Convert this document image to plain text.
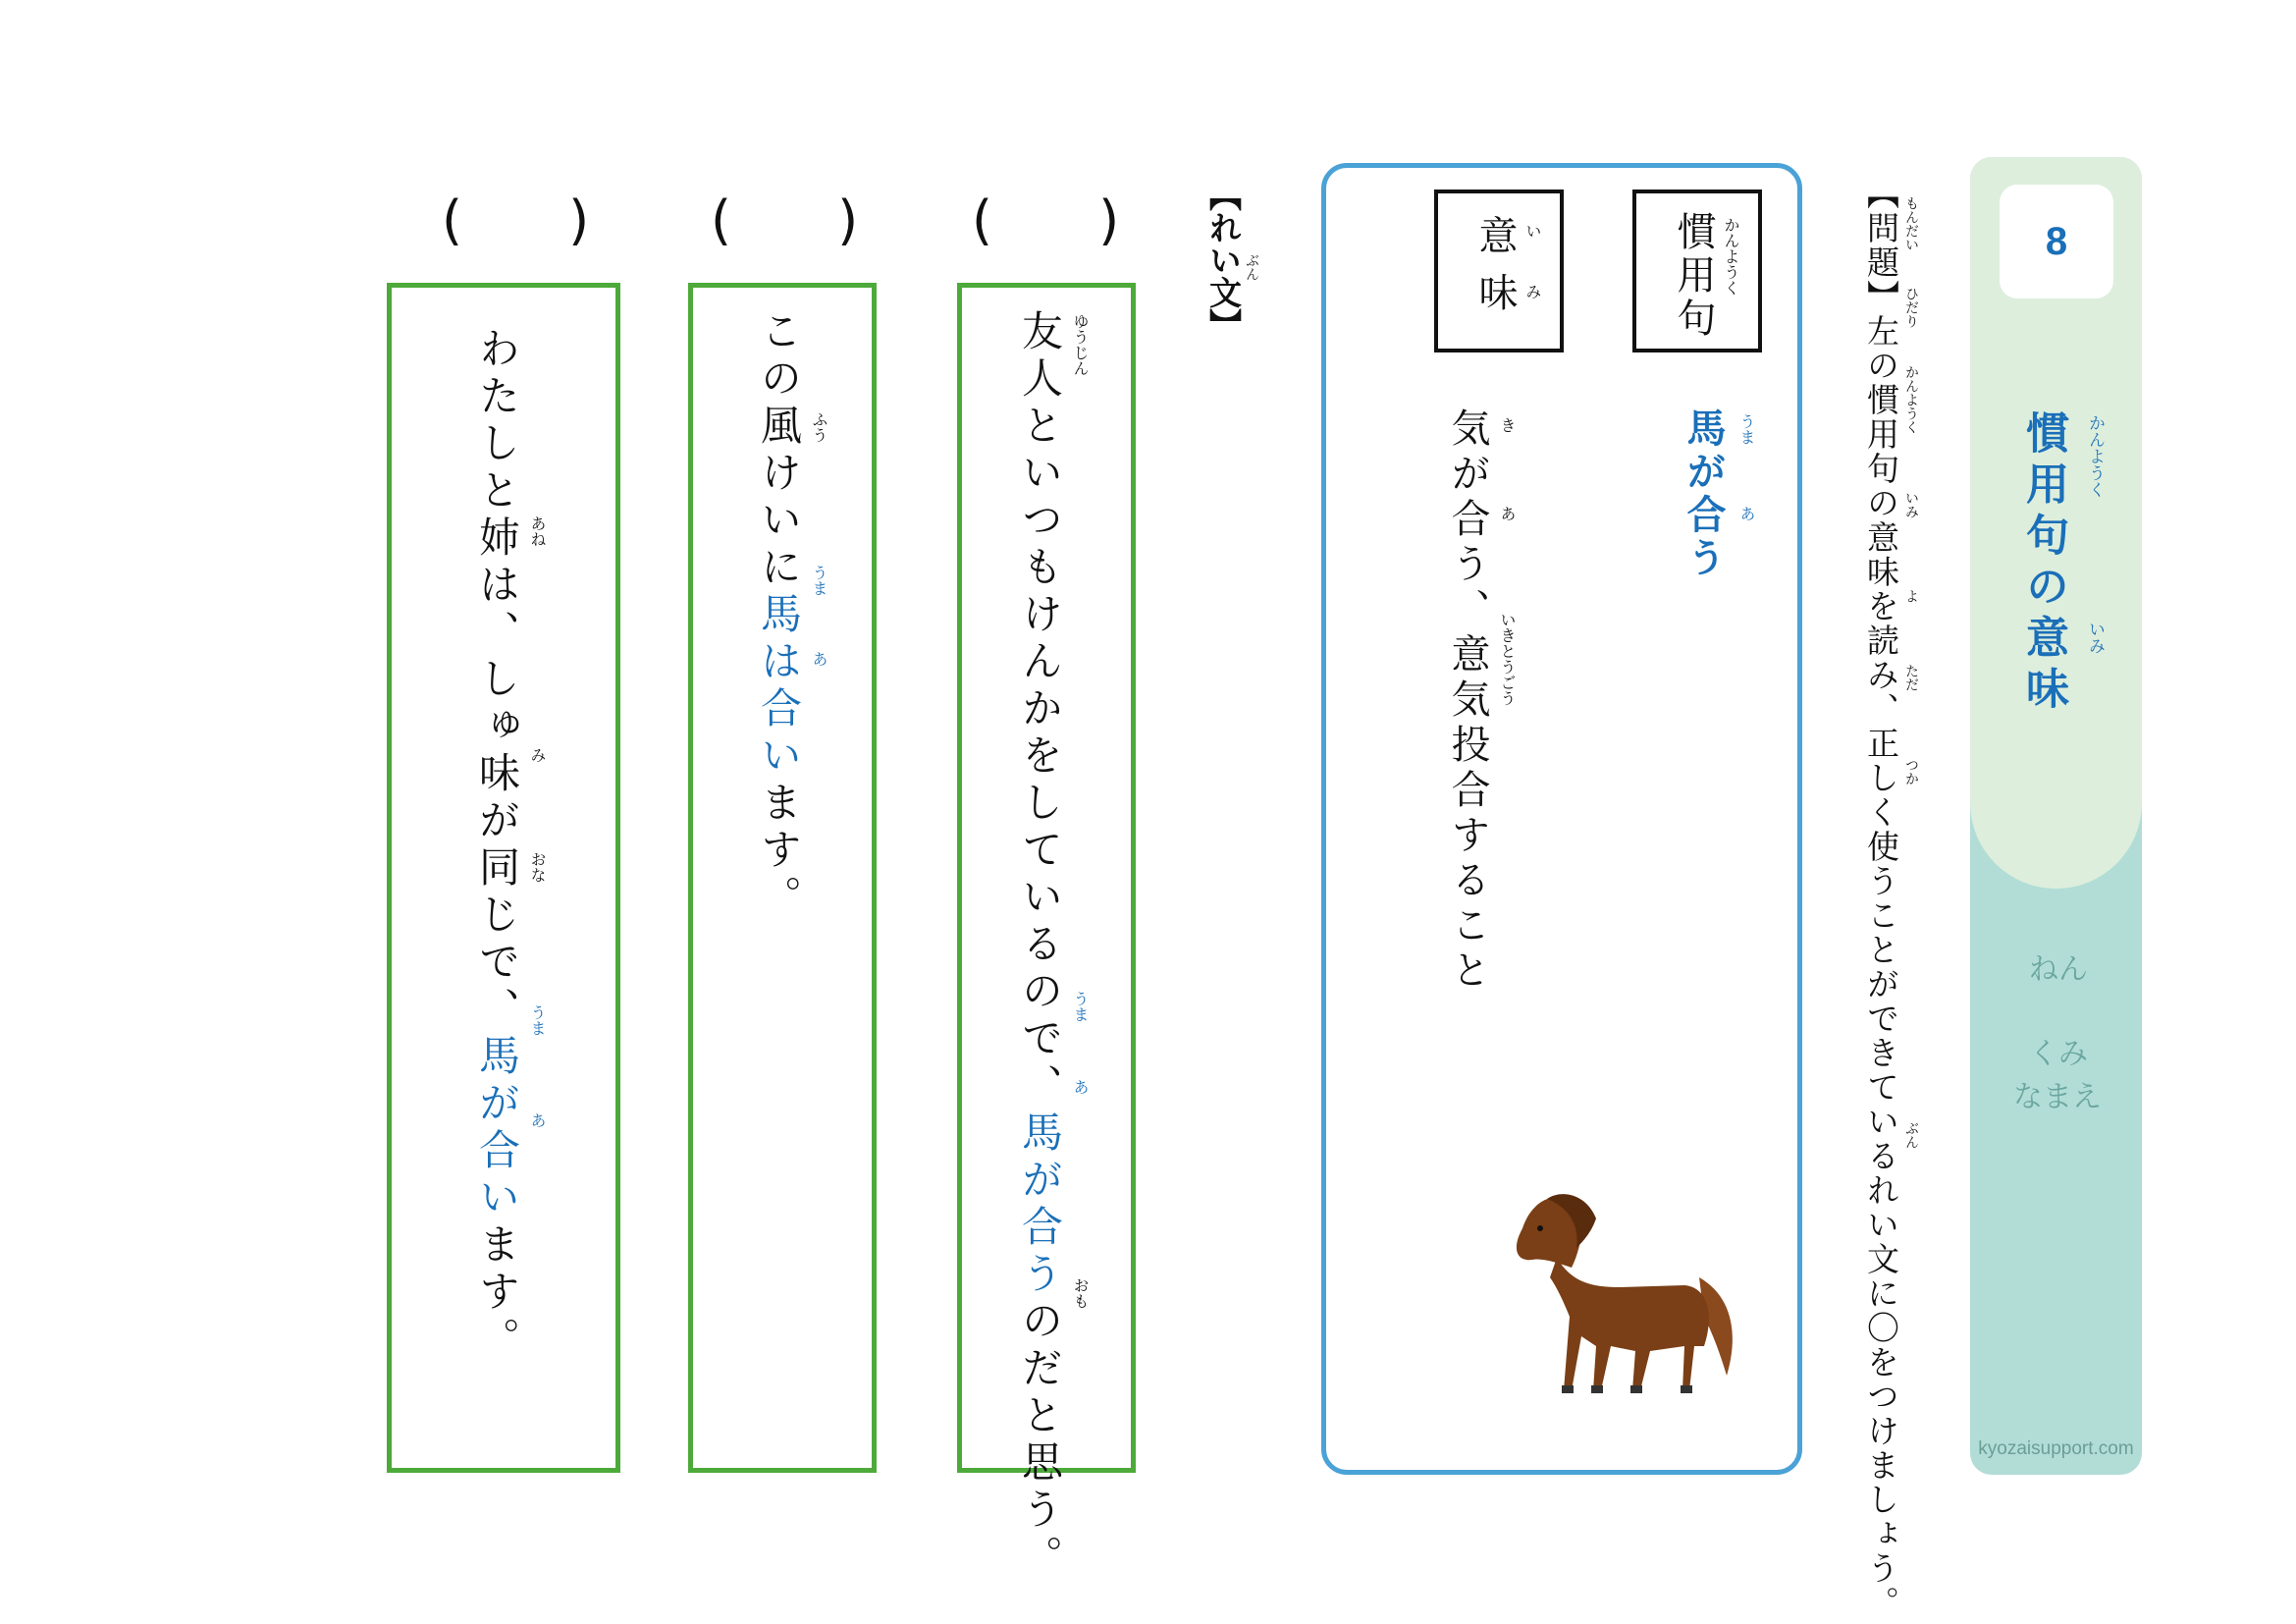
8
慣用句の意味 かんようく
いみ
ねん
くみ
なまえ
kyozaisupport.com
【問題】左の慣用句の意味を読み、正しく使うことができているれい文に〇をつけましょう。 もんだい
ひだり
かんようく
いみ
よ
ただ
つか
ぶん
慣用句 かんようく
意味 い
み
馬が合う うま
あ
気が合う、意気投合すること き
あ
いきとうごう
【れい文】 ぶん
(　　)
友人といつもけんかをしているので、馬が合うのだと思う。
ゆうじん
うま
あ
おも
(　　)
この風けいに馬は合います。
ふう
うま
あ
(　　)
わたしと姉は、しゅ味が同じで、馬が合います。
あね
み
おな
うま
あ
